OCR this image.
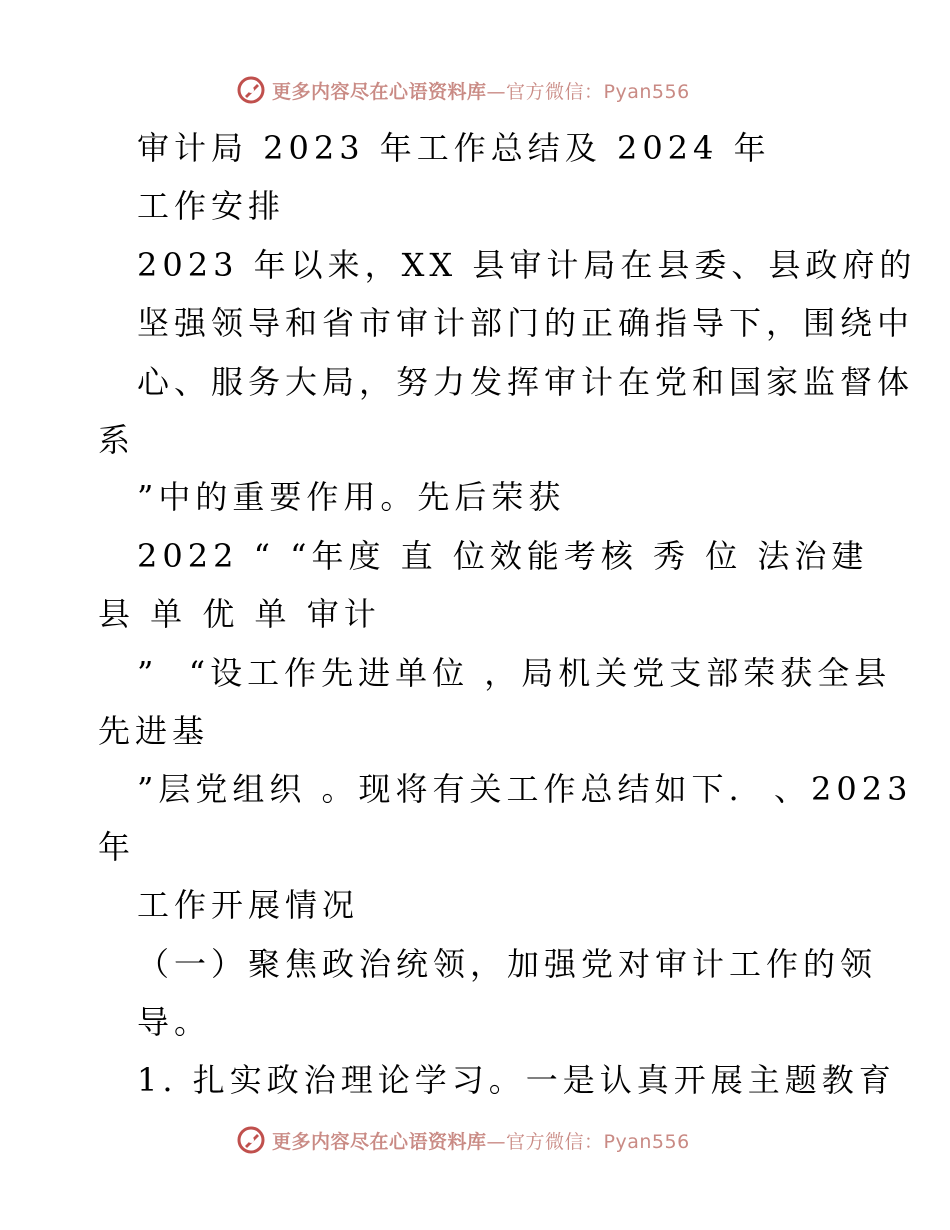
更多内容尽在心语资料库—官方微信：Pyan556
审计局 2023 年工作总结及 2024 年
工作安排
2023 年以来，XX 县审计局在县委、县政府的
坚强领导和省市审计部门的正确指导下，围绕中
心、服务大局，努力发挥审计在党和国家监督体
系
”中的重要作用。先后荣获
2022 “ “年度 直 位效能考核 秀 位 法治建
县 单 优 单 审计
”  “设工作先进单位 ，局机关党支部荣获全县
先进基
”层党组织 。现将有关工作总结如下.  、2023
年
工作开展情况
（一）聚焦政治统领，加强党对审计工作的领
导。
1. 扎实政治理论学习。一是认真开展主题教育
更多内容尽在心语资料库—官方微信：Pyan556
